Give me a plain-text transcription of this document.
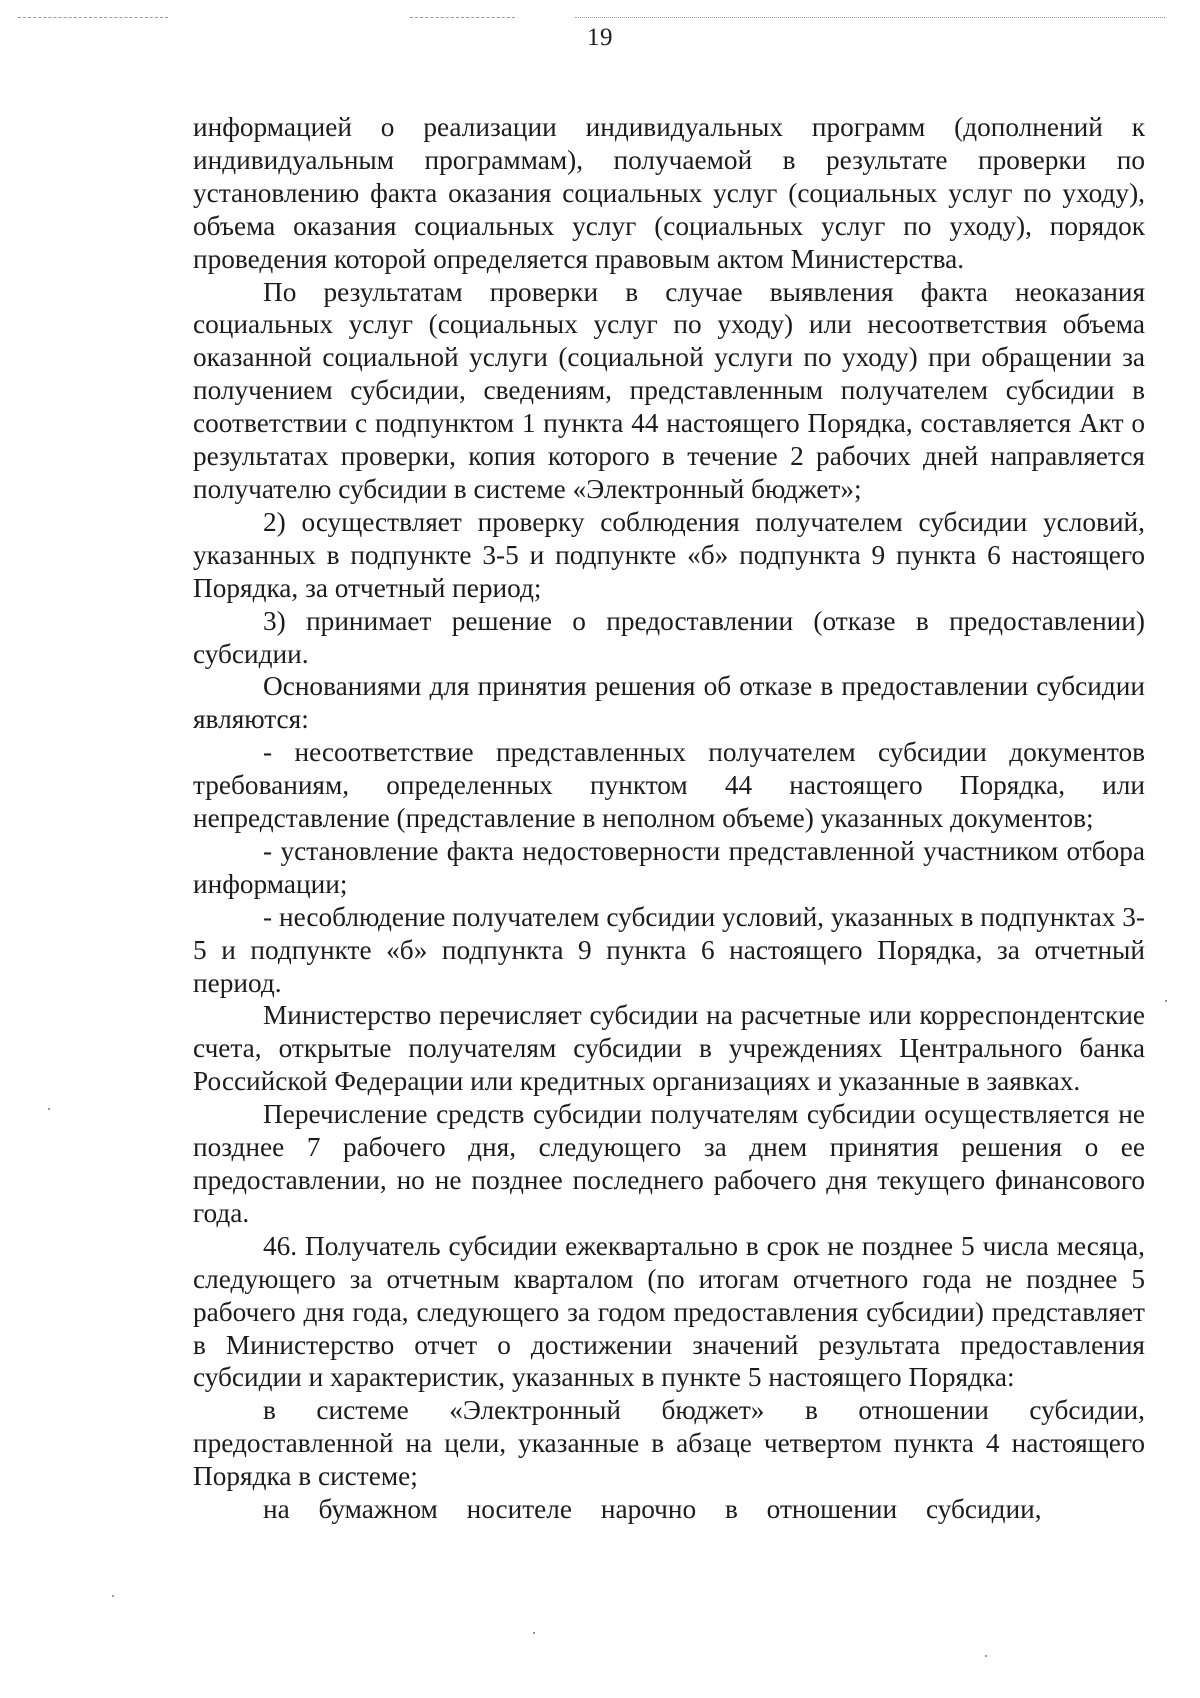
19

информацией о реализации индивидуальных программ (дополнений к индивидуальным программам), получаемой в результате проверки по установлению факта оказания социальных услуг (социальных услуг по уходу), объема оказания социальных услуг (социальных услуг по уходу), порядок проведения которой определяется правовым актом Министерства.

По результатам проверки в случае выявления факта неоказания социальных услуг (социальных услуг по уходу) или несоответствия объема оказанной социальной услуги (социальной услуги по уходу) при обращении за получением субсидии, сведениям, представленным получателем субсидии в соответствии с подпунктом 1 пункта 44 настоящего Порядка, составляется Акт о результатах проверки, копия которого в течение 2 рабочих дней направляется получателю субсидии в системе «Электронный бюджет»;

2) осуществляет проверку соблюдения получателем субсидии условий, указанных в подпункте 3-5 и подпункте «б» подпункта 9 пункта 6 настоящего Порядка, за отчетный период;

3) принимает решение о предоставлении (отказе в предоставлении) субсидии.

Основаниями для принятия решения об отказе в предоставлении субсидии являются:

- несоответствие представленных получателем субсидии документов требованиям, определенных пунктом 44 настоящего Порядка, или непредставление (представление в неполном объеме) указанных документов;

- установление факта недостоверности представленной участником отбора информации;

- несоблюдение получателем субсидии условий, указанных в подпунктах 3-5 и подпункте «б» подпункта 9 пункта 6 настоящего Порядка, за отчетный период.

Министерство перечисляет субсидии на расчетные или корреспондентские счета, открытые получателям субсидии в учреждениях Центрального банка Российской Федерации или кредитных организациях и указанные в заявках.

Перечисление средств субсидии получателям субсидии осуществляется не позднее 7 рабочего дня, следующего за днем принятия решения о ее предоставлении, но не позднее последнего рабочего дня текущего финансового года.

46. Получатель субсидии ежеквартально в срок не позднее 5 числа месяца, следующего за отчетным кварталом (по итогам отчетного года не позднее 5 рабочего дня года, следующего за годом предоставления субсидии) представляет в Министерство отчет о достижении значений результата предоставления субсидии и характеристик, указанных в пункте 5 настоящего Порядка:

в системе «Электронный бюджет» в отношении субсидии, предоставленной на цели, указанные в абзаце четвертом пункта 4 настоящего Порядка в системе;

на бумажном носителе нарочно в отношении субсидии,
